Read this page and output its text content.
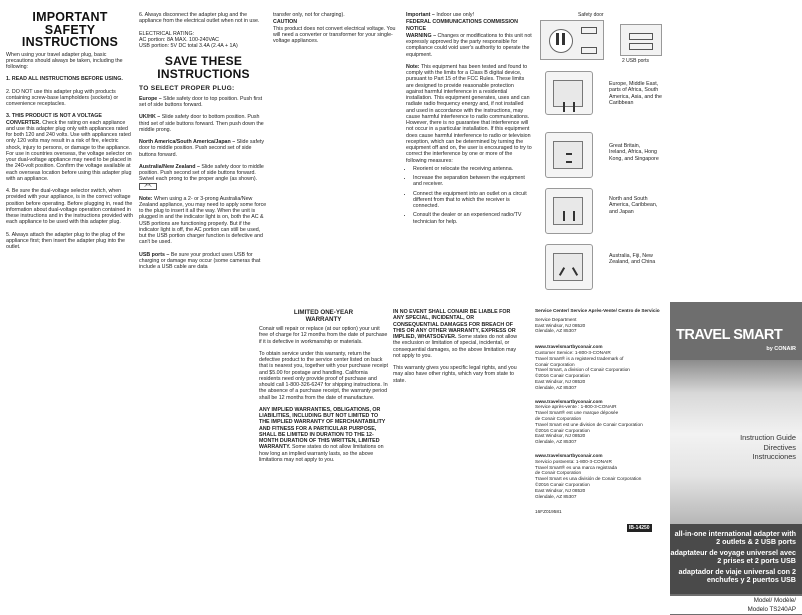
IMPORTANT SAFETY INSTRUCTIONS

When using your travel adapter plug, basic precautions should always be taken, including the following:

1. READ ALL INSTRUCTIONS BEFORE USING.

2. DO NOT use this adapter plug with products containing screw-base lampholders (sockets) or convenience receptacles.

3. THIS PRODUCT IS NOT A VOLTAGE CONVERTER. Check the rating on each appliance and use this adapter plug only with appliances rated for both 120 and 240 volts. Use with appliances rated only 120 volts may result in a risk of fire, electric shock, injury to persons, or damage to the appliance. For use in countries overseas, the voltage selector on your dual-voltage appliance may need to be placed in the 240-volt position. Confirm the voltage available at each overseas location before using this adapter plug with an appliance.

4. Be sure the dual-voltage selector switch, when provided with your appliance, is in the correct voltage position before operating. Before plugging in, read the information about dual-voltage operation contained in these instructions and in the instructions provided with each appliance to be used with this adapter plug.

5. Always attach the adapter plug to the plug of the appliance first; then insert the adapter plug into the outlet.

6. Always disconnect the adapter plug and the appliance from the electrical outlet when not in use.

ELECTRICAL RATING:
AC portion: 8A MAX. 100-240VAC
USB portion: 5V DC total 3.4A (2.4A + 1A)

SAVE THESE INSTRUCTIONS
TO SELECT PROPER PLUG:

Europe – Slide safety door to top position. Push first set of side buttons forward.

UK/HK – Slide safety door to bottom position. Push third set of side buttons forward. Then push down the middle prong.

North America/South America/Japan – Slide safety door to middle position. Push second set of side buttons forward.

Australia/New Zealand – Slide safety door to middle position. Push second set of side buttons forward. Swivel each prong to the proper angle (as shown). ↗↖

Note: When using a 2- or 3-prong Australia/New Zealand appliance, you may need to apply some force to the plug to insert it all the way. When the unit is plugged in and the indicator light is on, both the AC & USB portions are functioning properly. But if the indicator light is off, the AC portion can still be used, but the USB portion charger function is defective and can't be used.

USB ports – Be sure your product uses USB for charging or damage may occur (some cameras that include a USB cable are data

transfer only, not for charging).

CAUTION

This product does not convert electrical voltage. You will need a converter or transformer for your single-voltage appliances.

Important – Indoor use only!

FEDERAL COMMUNICATIONS COMMISSION NOTICE

WARNING – Changes or modifications to this unit not expressly approved by the party responsible for compliance could void user's authority to operate the equipment.

Note: This equipment has been tested and found to comply with the limits for a Class B digital device, pursuant to Part 15 of the FCC Rules. These limits are designed to provide reasonable protection against harmful interference in a residential installation. This equipment generates, uses and can radiate radio frequency energy and, if not installed and used in accordance with the instructions, may cause harmful interference to radio communications. However, there is no guarantee that interference will not occur in a particular installation. If this equipment does cause harmful interference to radio or television reception, which can be determined by turning the equipment off and on, the user is encouraged to try to correct the interference by one or more of the following measures:

• Reorient or relocate the receiving antenna.
• Increase the separation between the equipment and receiver.
• Connect the equipment into an outlet on a circuit different from that to which the receiver is connected.
• Consult the dealer or an experienced radio/TV technician for help.
Safety door
2 USB ports
Europe, Middle East, parts of Africa, South America, Asia, and the Caribbean
Great Britain, Ireland, Africa, Hong Kong, and Singapore
North and South America, Caribbean, and Japan
Australia, Fiji, New Zealand, and China
LIMITED ONE-YEAR WARRANTY

Conair will repair or replace (at our option) your unit free of charge for 12 months from the date of purchase if it is defective in workmanship or materials.

To obtain service under this warranty, return the defective product to the service center listed on back that is nearest you, together with your purchase receipt and $5.00 for postage and handling. California residents need only provide proof of purchase and should call 1-800-326-6247 for shipping instructions. In the absence of a purchase receipt, the warranty period shall be 12 months from the date of manufacture.

ANY IMPLIED WARRANTIES, OBLIGATIONS, OR LIABILITIES, INCLUDING BUT NOT LIMITED TO THE IMPLIED WARRANTY OF MERCHANTABILITY AND FITNESS FOR A PARTICULAR PURPOSE, SHALL BE LIMITED IN DURATION TO THE 12-MONTH DURATION OF THIS WRITTEN, LIMITED WARRANTY. Some states do not allow limitations on how long an implied warranty lasts, so the above limitations may not apply to you.

IN NO EVENT SHALL CONAIR BE LIABLE FOR ANY SPECIAL, INCIDENTAL, OR CONSEQUENTIAL DAMAGES FOR BREACH OF THIS OR ANY OTHER WARRANTY, EXPRESS OR IMPLIED, WHATSOEVER. Some states do not allow the exclusion or limitation of special, incidental, or consequential damages, so the above limitation may not apply to you.

This warranty gives you specific legal rights, and you may also have other rights, which vary from state to state.

Service Center/ Service Après-Vente/ Centro de Servicio
Service Department
East Windsor, NJ 08520
Glendale, AZ 85307
www.travelsmartbyconair.com
Customer Service: 1-800-3-CONAIR
Travel Smart® is a registered trademark of
Conair Corporation
Travel Smart, a division of Conair Corporation
©2016 Conair Corporation
East Windsor, NJ 08520
Glendale, AZ 85307
www.travelsmartbyconair.com
Service après-vente : 1-800-3-CONAIR
Travel Smart® est une marque déposée
de Conair Corporation
Travel Smart est une division de Conair Corporation
©2016 Conair Corporation
East Windsor, NJ 08520
Glendale, AZ 85307
www.travelsmartbyconair.com
Servicio postventa: 1-800-3-CONAIR
Travel Smart® es una marca registrada
de Conair Corporation
Travel Smart es una división de Conair Corporation
©2016 Conair Corporation
East Windsor, NJ 08520
Glendale, AZ 85307
16FZ019581
IB-14250
TRAVEL SMART
by CONAIR
Instruction Guide
Directives
Instrucciones
all-in-one international adapter with 2 outlets & 2 USB ports
adaptateur de voyage universel avec 2 prises et 2 ports USB
adaptador de viaje universal con 2 enchufes y 2 puertos USB
Model/ Modèle/
Modelo TS240AP
